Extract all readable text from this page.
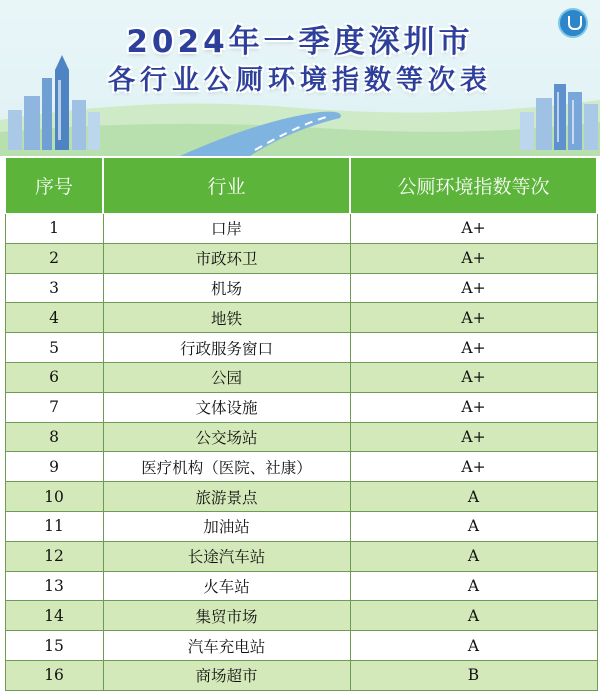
2024年一季度深圳市
各行业公厕环境指数等次表
序号	行业	公厕环境指数等次
1	口岸	A+
2	市政环卫	A+
3	机场	A+
4	地铁	A+
5	行政服务窗口	A+
6	公园	A+
7	文体设施	A+
8	公交场站	A+
9	医疗机构（医院、社康）	A+
10	旅游景点	A
11	加油站	A
12	长途汽车站	A
13	火车站	A
14	集贸市场	A
15	汽车充电站	A
16	商场超市	B
